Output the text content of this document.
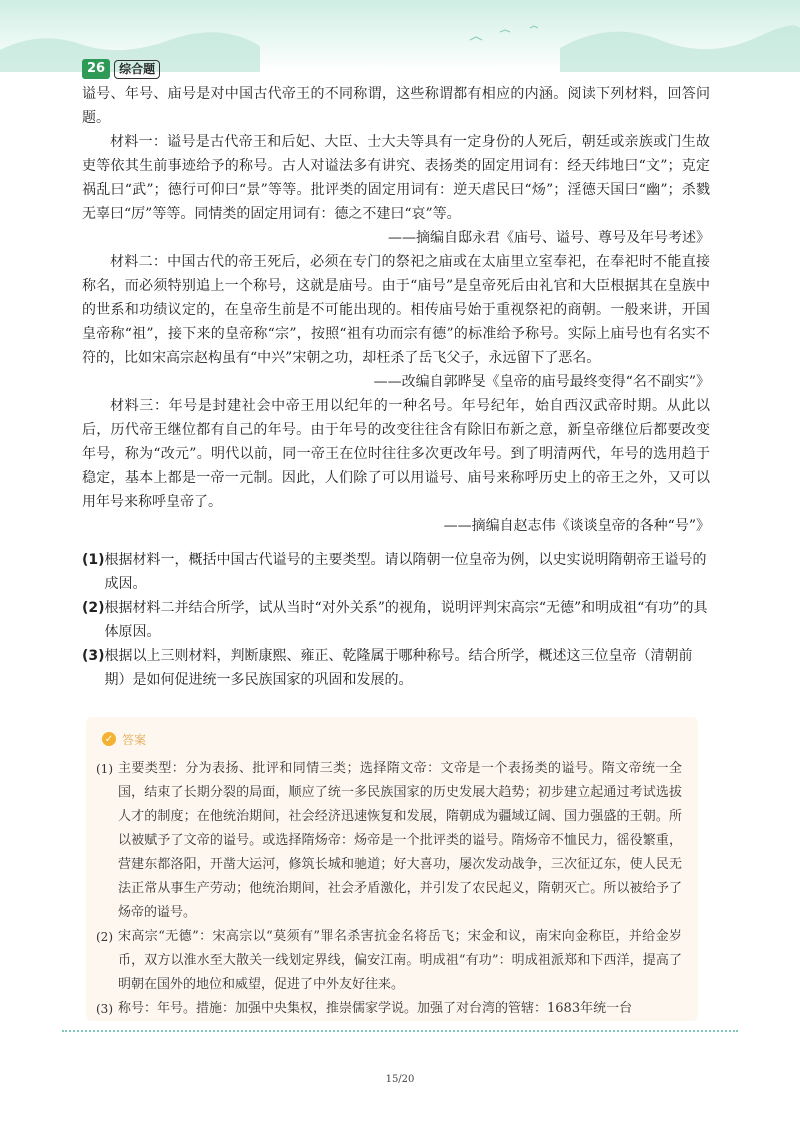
26	综合题

谥号、年号、庙号是对中国古代帝王的不同称谓，这些称谓都有相应的内涵。阅读下列材料，回答问题。

材料一：谥号是古代帝王和后妃、大臣、士大夫等具有一定身份的人死后，朝廷或亲族或门生故吏等依其生前事迹给予的称号。古人对谥法多有讲究、表扬类的固定用词有：经天纬地曰“文”；克定祸乱曰“武”；德行可仰曰“景”等等。批评类的固定用词有：逆天虐民曰“炀”；淫德天国曰“幽”；杀戮无辜曰“厉”等等。同情类的固定用词有：德之不建曰“哀”等。

——摘编自邸永君《庙号、谥号、尊号及年号考述》

材料二：中国古代的帝王死后，必须在专门的祭祀之庙或在太庙里立室奉祀，在奉祀时不能直接称名，而必须特别追上一个称号，这就是庙号。由于“庙号”是皇帝死后由礼官和大臣根据其在皇族中的世系和功绩议定的，在皇帝生前是不可能出现的。相传庙号始于重视祭祀的商朝。一般来讲，开国皇帝称“祖”，接下来的皇帝称“宗”，按照“祖有功而宗有德”的标准给予称号。实际上庙号也有名实不符的，比如宋高宗赵构虽有“中兴”宋朝之功，却枉杀了岳飞父子，永远留下了恶名。

——改编自郭晔旻《皇帝的庙号最终变得“名不副实”》

材料三：年号是封建社会中帝王用以纪年的一种名号。年号纪年，始自西汉武帝时期。从此以后，历代帝王继位都有自己的年号。由于年号的改变往往含有除旧布新之意，新皇帝继位后都要改变年号，称为“改元”。明代以前，同一帝王在位时往往多次更改年号。到了明清两代，年号的选用趋于稳定，基本上都是一帝一元制。因此，人们除了可以用谥号、庙号来称呼历史上的帝王之外，又可以用年号来称呼皇帝了。

——摘编自赵志伟《谈谈皇帝的各种“号”》

(1) 根据材料一，概括中国古代谥号的主要类型。请以隋朝一位皇帝为例，以史实说明隋朝帝王谥号的成因。
(2) 根据材料二并结合所学，试从当时“对外关系”的视角，说明评判宋高宗“无德”和明成祖“有功”的具体原因。
(3) 根据以上三则材料，判断康熙、雍正、乾隆属于哪种称号。结合所学，概述这三位皇帝（清朝前期）是如何促进统一多民族国家的巩固和发展的。
✓ 答案
(1) 主要类型：分为表扬、批评和同情三类；选择隋文帝：文帝是一个表扬类的谥号。隋文帝统一全国，结束了长期分裂的局面，顺应了统一多民族国家的历史发展大趋势；初步建立起通过考试选拔人才的制度；在他统治期间，社会经济迅速恢复和发展，隋朝成为疆域辽阔、国力强盛的王朝。所以被赋予了文帝的谥号。或选择隋炀帝：炀帝是一个批评类的谥号。隋炀帝不恤民力，徭役繁重，营建东都洛阳，开凿大运河，修筑长城和驰道；好大喜功，屡次发动战争，三次征辽东，使人民无法正常从事生产劳动；他统治期间，社会矛盾激化，并引发了农民起义，隋朝灭亡。所以被给予了炀帝的谥号。
(2) 宋高宗“无德”：宋高宗以“莫须有”罪名杀害抗金名将岳飞；宋金和议，南宋向金称臣，并给金岁币，双方以淮水至大散关一线划定界线，偏安江南。明成祖“有功”：明成祖派郑和下西洋，提高了明朝在国外的地位和威望，促进了中外友好往来。
(3) 称号：年号。措施：加强中央集权，推崇儒家学说。加强了对台湾的管辖：1683年统一台
15/20
